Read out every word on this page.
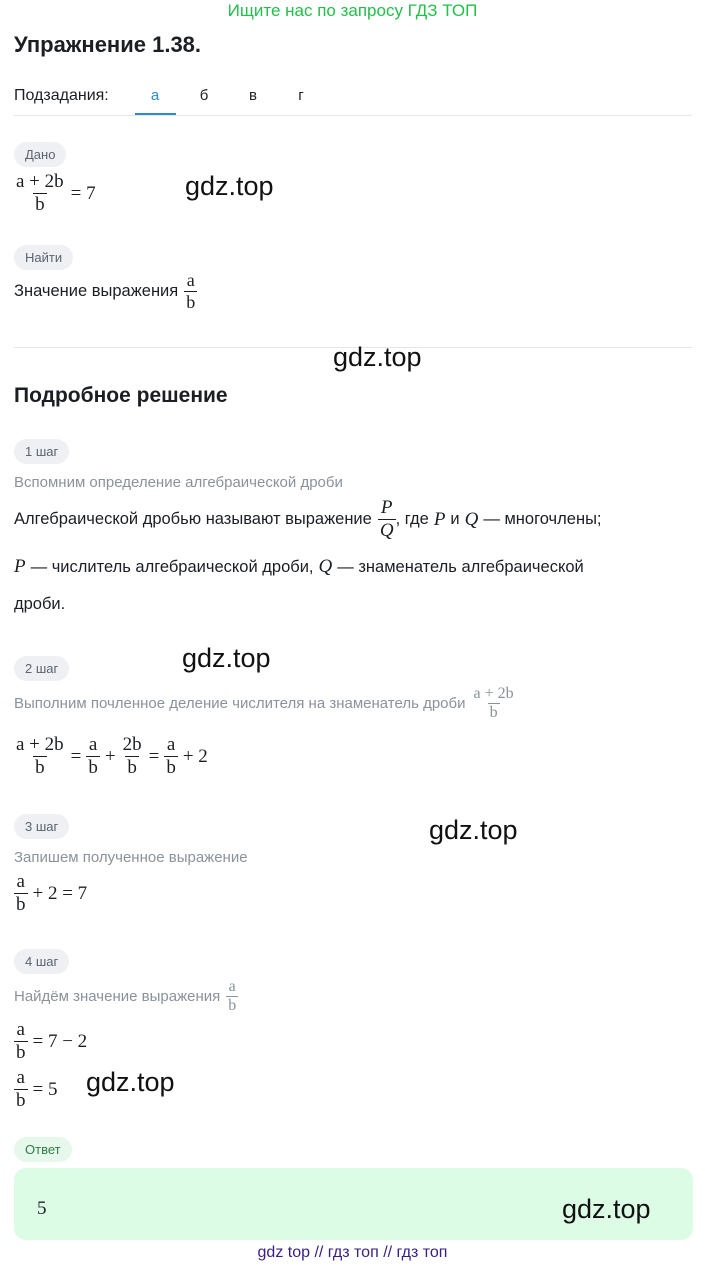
Ищите нас по запросу ГДЗ ТОП
Упражнение 1.38.
Подзадания:	а	б	в	г
Дано
$\frac{a + 2b}{b} = 7$	gdz.top
Найти
Значение выражения $\frac{a}{b}$
gdz.top
Подробное решение
1 шаг
Вспомним определение алгебраической дроби
Алгебраической дробью называют выражение $\frac{P}{Q}$ , где P и Q — многочлены;
P — числитель алгебраической дроби, Q — знаменатель алгебраической
дроби.
2 шаг	gdz.top
Выполним почленное деление числителя на знаменатель дроби $\frac{a + 2b}{b}$
$\frac{a + 2b}{b} = \frac{a}{b} + \frac{2b}{b} = \frac{a}{b} + 2$
3 шаг	gdz.top
Запишем полученное выражение
$\frac{a}{b} + 2 = 7$
4 шаг
Найдём значение выражения $\frac{a}{b}$
$\frac{a}{b} = 7 - 2$
$\frac{a}{b} = 5$ gdz.top
Ответ
5	gdz.top
gdz top // гдз топ // гдз топ
